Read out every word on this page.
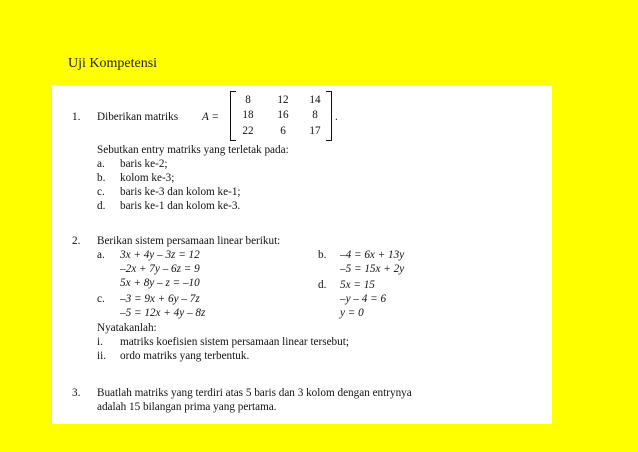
Uji Kompetensi
1. Diberikan matriks A =
8	12	14
18	16	8
22	6	17
.
Sebutkan entry matriks yang terletak pada:
a. baris ke-2;
b. kolom ke-3;
c. baris ke-3 dan kolom ke-1;
d. baris ke-1 dan kolom ke-3.
2. Berikan sistem persamaan linear berikut:
a. 3x + 4y – 3z = 12
–2x + 7y – 6z = 9
5x + 8y – z = –10
b. –4 = 6x + 13y
–5 = 15x + 2y
c. –3 = 9x + 6y – 7z
–5 = 12x + 4y – 8z
d. 5x = 15
–y – 4 = 6
y = 0
Nyatakanlah:
i. matriks koefisien sistem persamaan linear tersebut;
ii. ordo matriks yang terbentuk.
3. Buatlah matriks yang terdiri atas 5 baris dan 3 kolom dengan entrynya
adalah 15 bilangan prima yang pertama.
